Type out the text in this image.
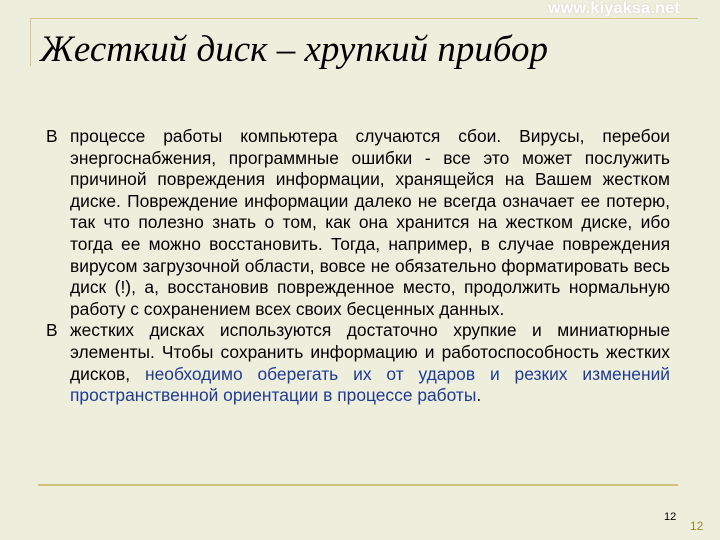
www.kiyaksa.net
Жесткий диск – хрупкий прибор

В процессе работы компьютера случаются сбои. Вирусы, перебои энергоснабжения, программные ошибки - все это может послужить причиной повреждения информации, хранящейся на Вашем жестком диске. Повреждение информации далеко не всегда означает ее потерю, так что полезно знать о том, как она хранится на жестком диске, ибо тогда ее можно восстановить. Тогда, например, в случае повреждения вирусом загрузочной области, вовсе не обязательно форматировать весь диск (!), а, восстановив поврежденное место, продолжить нормальную работу с сохранением всех своих бесценных данных.

В жестких дисках используются достаточно хрупкие и миниатюрные элементы. Чтобы сохранить информацию и работоспособность жестких дисков, необходимо оберегать их от ударов и резких изменений пространственной ориентации в процессе работы.

12
12
